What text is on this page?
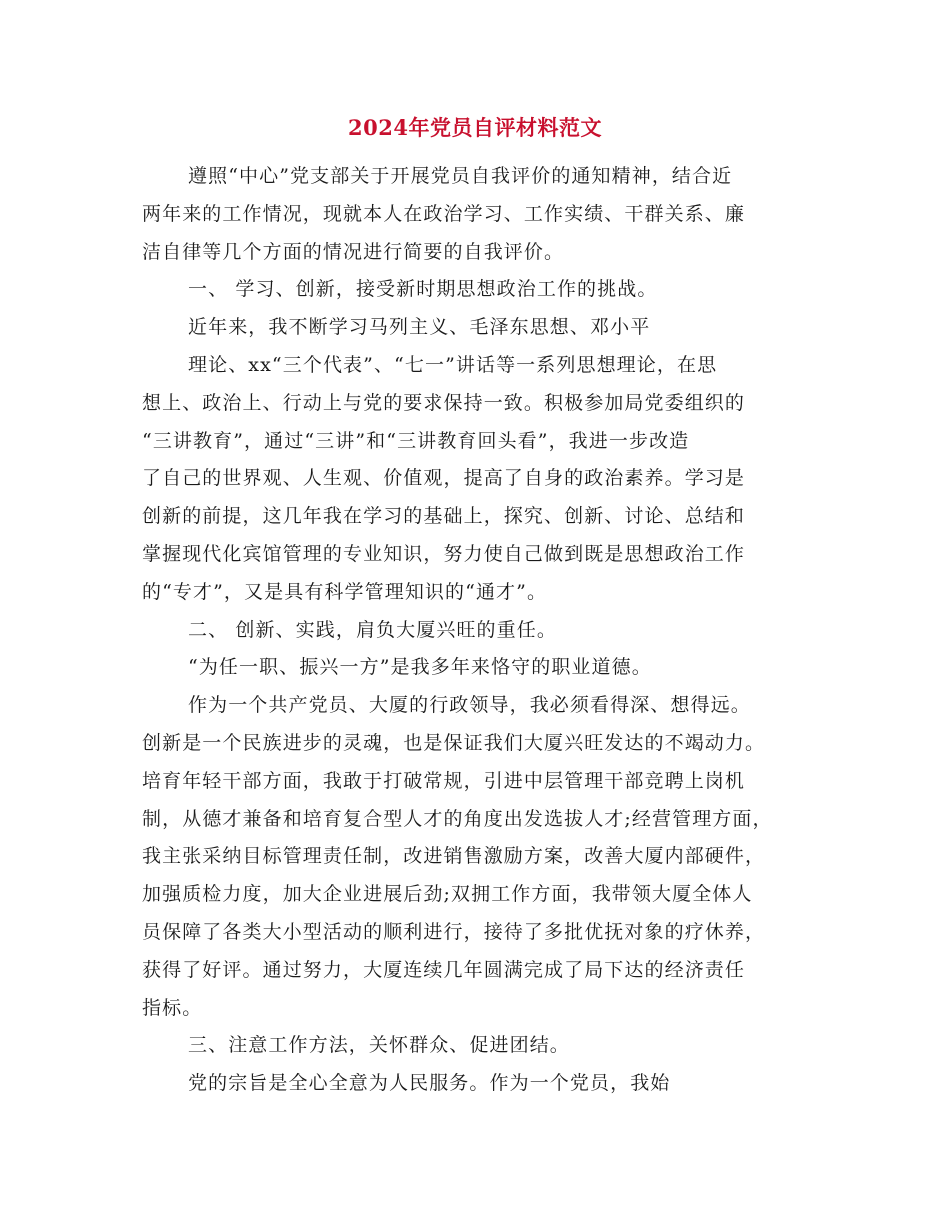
2024年党员自评材料范文
遵照“中心”党支部关于开展党员自我评价的通知精神，结合近
两年来的工作情况，现就本人在政治学习、工作实绩、干群关系、廉
洁自律等几个方面的情况进行简要的自我评价。
一、 学习、创新，接受新时期思想政治工作的挑战。
近年来，我不断学习马列主义、毛泽东思想、邓小平
理论、xx“三个代表”、“七一”讲话等一系列思想理论，在思
想上、政治上、行动上与党的要求保持一致。积极参加局党委组织的
“三讲教育”，通过“三讲”和“三讲教育回头看”，我进一步改造
了自己的世界观、人生观、价值观，提高了自身的政治素养。学习是
创新的前提，这几年我在学习的基础上，探究、创新、讨论、总结和
掌握现代化宾馆管理的专业知识，努力使自己做到既是思想政治工作
的“专才”，又是具有科学管理知识的“通才”。
二、 创新、实践，肩负大厦兴旺的重任。
“为任一职、振兴一方”是我多年来恪守的职业道德。
作为一个共产党员、大厦的行政领导，我必须看得深、想得远。
创新是一个民族进步的灵魂，也是保证我们大厦兴旺发达的不竭动力。
培育年轻干部方面，我敢于打破常规，引进中层管理干部竞聘上岗机
制，从德才兼备和培育复合型人才的角度出发选拔人才;经营管理方面，
我主张采纳目标管理责任制，改进销售激励方案，改善大厦内部硬件，
加强质检力度，加大企业进展后劲;双拥工作方面，我带领大厦全体人
员保障了各类大小型活动的顺利进行，接待了多批优抚对象的疗休养，
获得了好评。通过努力，大厦连续几年圆满完成了局下达的经济责任
指标。
三、注意工作方法，关怀群众、促进团结。
党的宗旨是全心全意为人民服务。作为一个党员，我始
